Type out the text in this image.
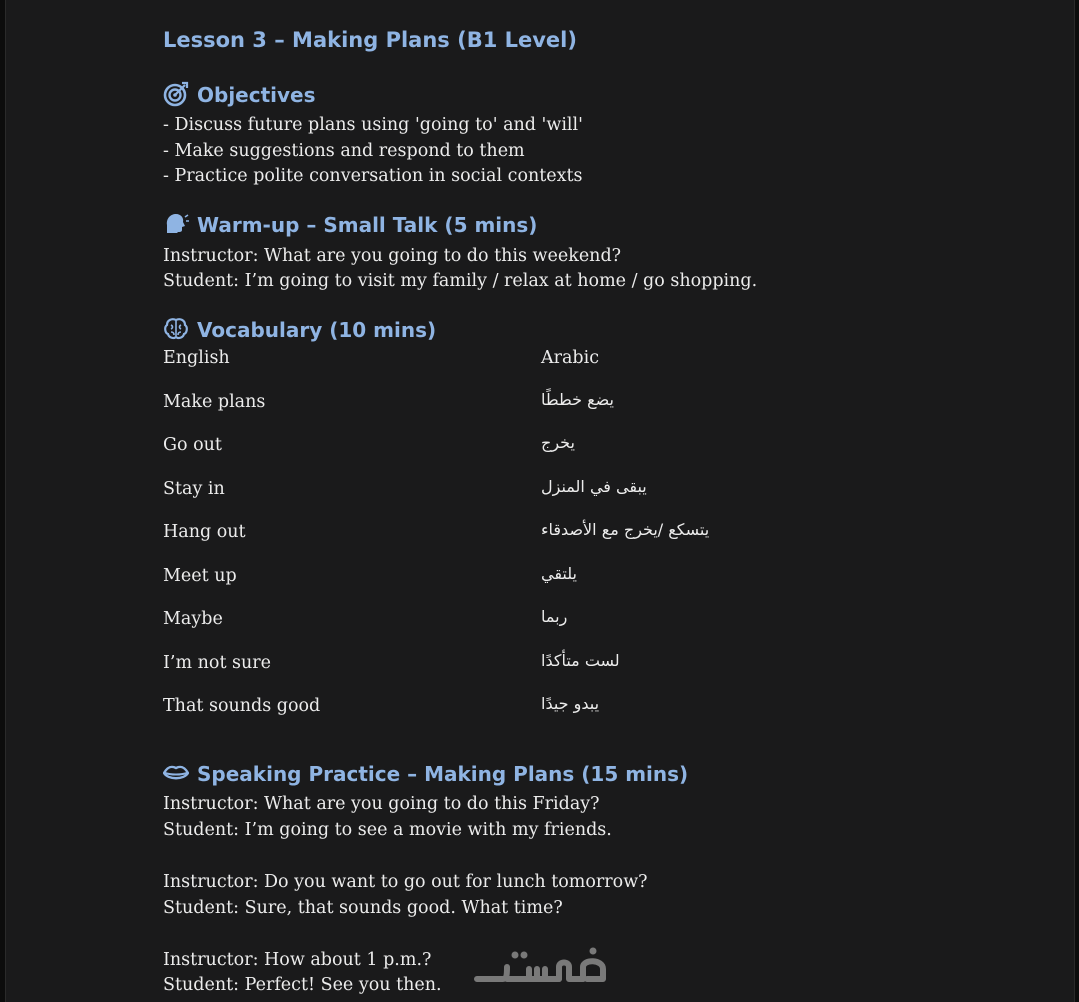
Lesson 3 – Making Plans (B1 Level)
Objectives
- Discuss future plans using 'going to' and 'will'
- Make suggestions and respond to them
- Practice polite conversation in social contexts
Warm-up – Small Talk (5 mins)
Instructor: What are you going to do this weekend?
Student: I’m going to visit my family / relax at home / go shopping.
Vocabulary (10 mins)
English	Arabic
Make plans	يضع خططًا
Go out	يخرج
Stay in	يبقى في المنزل
Hang out	يتسكع /يخرج مع الأصدقاء
Meet up	يلتقي
Maybe	ربما
I’m not sure	لست متأكدًا
That sounds good	يبدو جيدًا
Speaking Practice – Making Plans (15 mins)
Instructor: What are you going to do this Friday?
Student: I’m going to see a movie with my friends.
Instructor: Do you want to go out for lunch tomorrow?
Student: Sure, that sounds good. What time?
Instructor: How about 1 p.m.?
Student: Perfect! See you then.
